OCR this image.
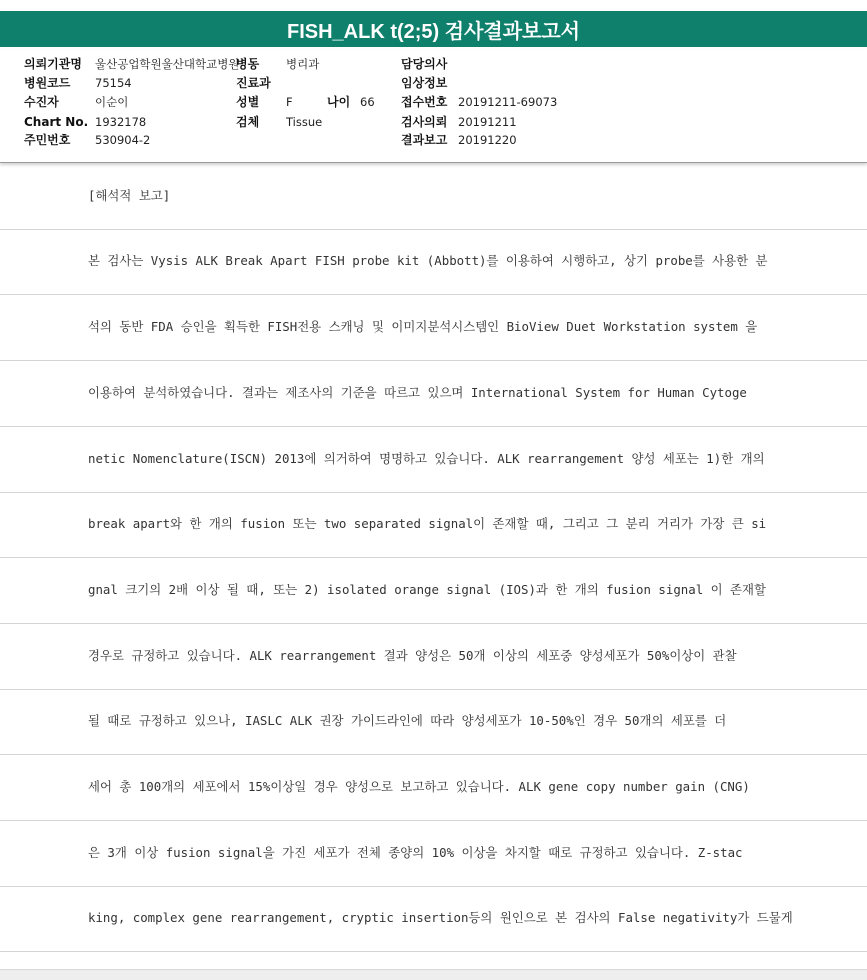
FISH_ALK t(2;5) 검사결과보고서
의뢰기관명 울산공업학원울산대학교병원
병동 병리과	담당의사
병원코드 75154	진료과	임상정보
수진자	이순이	성별 F	나이 66 접수번호 20191211-69073
Chart No. 1932178	검체 Tissue	검사의뢰 20191211
주민번호 530904-2	결과보고 20191220
[해석적 보고]
본 검사는 Vysis ALK Break Apart FISH probe kit (Abbott)를 이용하여 시행하고, 상기 probe를 사용한 분
석의 동반 FDA 승인을 획득한 FISH전용 스캐닝 및 이미지분석시스템인 BioView Duet Workstation system 을
이용하여 분석하였습니다. 결과는 제조사의 기준을 따르고 있으며 International System for Human Cytoge
netic Nomenclature(ISCN) 2013에 의거하여 명명하고 있습니다. ALK rearrangement 양성 세포는 1)한 개의
break apart와 한 개의 fusion 또는 two separated signal이 존재할 때, 그리고 그 분리 거리가 가장 큰 si
gnal 크기의 2배 이상 될 때, 또는 2) isolated orange signal (IOS)과 한 개의 fusion signal 이 존재할
경우로 규정하고 있습니다. ALK rearrangement 결과 양성은 50개 이상의 세포중 양성세포가 50%이상이 관찰
될 때로 규정하고 있으나, IASLC ALK 권장 가이드라인에 따라 양성세포가 10-50%인 경우 50개의 세포를 더
세어 총 100개의 세포에서 15%이상일 경우 양성으로 보고하고 있습니다. ALK gene copy number gain (CNG)
은 3개 이상 fusion signal을 가진 세포가 전체 종양의 10% 이상을 차지할 때로 규정하고 있습니다. Z-stac
king, complex gene rearrangement, cryptic insertion등의 원인으로 본 검사의 False negativity가 드물게
